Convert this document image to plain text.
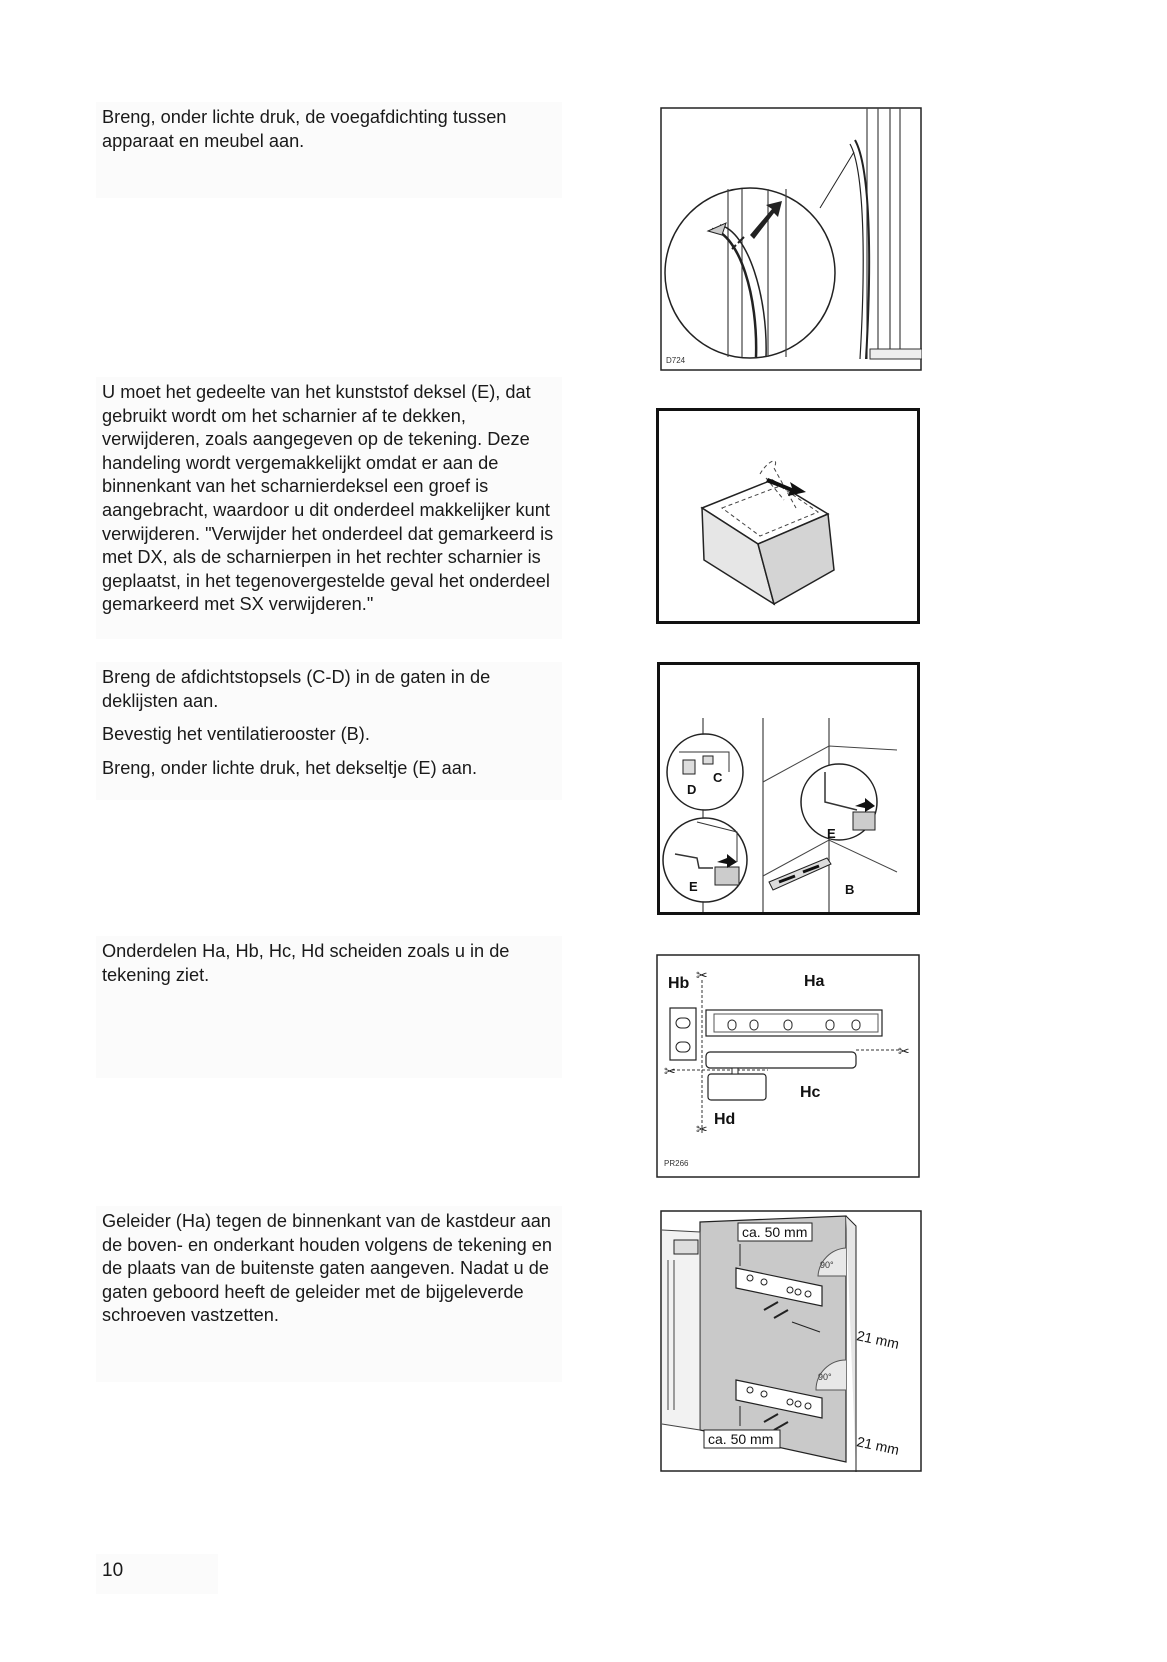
Breng, onder lichte druk, de voegafdichting tussen apparaat en meubel aan.

D724

U moet het gedeelte van het kunststof deksel (E), dat gebruikt wordt om het scharnier af te dekken, verwijderen, zoals aangegeven op de tekening. Deze handeling wordt vergemakkelijkt omdat er aan de binnenkant van het scharnierdeksel een groef is aangebracht, waardoor u dit onderdeel makkelijker kunt verwijderen. "Verwijder het onderdeel dat gemarkeerd is met DX, als de scharnierpen in het rechter scharnier is geplaatst, in het tegenovergestelde geval het onderdeel gemarkeerd met SX verwijderen."

Breng de afdichtstopsels (C-D) in de gaten in de deklijsten aan.

Bevestig het ventilatierooster (B).

Breng, onder lichte druk, het dekseltje (E) aan.	C
D
E
E
B

Onderdelen Ha, Hb, Hc, Hd scheiden zoals u in de tekening ziet.	Hb	Ha
Hc
Hd
✂
✂
✂
✂
PR266

Geleider (Ha) tegen de binnenkant van de kastdeur aan de boven- en onderkant houden volgens de tekening en de plaats van de buitenste gaten aangeven. Nadat u de gaten geboord heeft de geleider met de bijgeleverde schroeven vastzetten.

ca. 50 mm
90°
21 mm
90°
ca. 50 mm	21 mm
10
